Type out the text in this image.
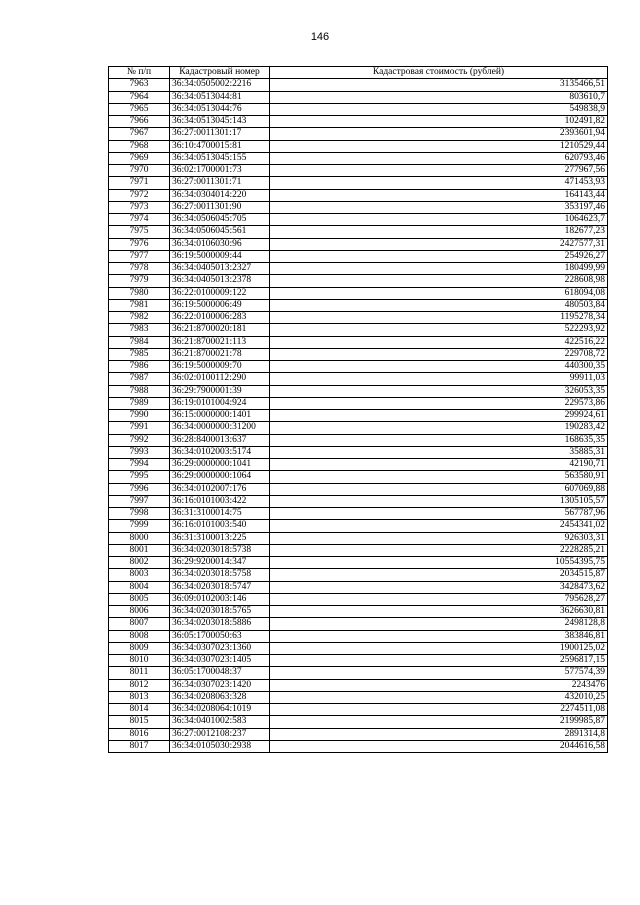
146
№ п/п	Кадастровый номер	Кадастровая стоимость (рублей)
7963	36:34:0505002:2216	3135466,51
7964	36:34:0513044:81	803610,7
7965	36:34:0513044:76	549838,9
7966	36:34:0513045:143	102491,82
7967	36:27:0011301:17	2393601,94
7968	36:10:4700015:81	1210529,44
7969	36:34:0513045:155	620793,46
7970	36:02:1700001:73	277967,56
7971	36:27:0011301:71	471453,93
7972	36:34:0304014:220	164143,44
7973	36:27:0011301:90	353197,46
7974	36:34:0506045:705	1064623,7
7975	36:34:0506045:561	182677,23
7976	36:34:0106030:96	2427577,31
7977	36:19:5000009:44	254926,27
7978	36:34:0405013:2327	180499,99
7979	36:34:0405013:2378	228608,98
7980	36:22:0100009:122	618094,08
7981	36:19:5000006:49	480503,84
7982	36:22:0100006:283	1195278,34
7983	36:21:8700020:181	522293,92
7984	36:21:8700021:113	422516,22
7985	36:21:8700021:78	229708,72
7986	36:19:5000009:70	440300,35
7987	36:02:0100112:290	99911,03
7988	36:29:7900001:39	326053,35
7989	36:19:0101004:924	229573,86
7990	36:15:0000000:1401	299924,61
7991	36:34:0000000:31200	190283,42
7992	36:28:8400013:637	168635,35
7993	36:34:0102003:5174	35885,31
7994	36:29:0000000:1041	42190,71
7995	36:29:0000000:1064	563580,91
7996	36:34:0102007:176	607069,88
7997	36:16:0101003:422	1305105,57
7998	36:31:3100014:75	567787,96
7999	36:16:0101003:540	2454341,02
8000	36:31:3100013:225	926303,31
8001	36:34:0203018:5738	2228285,21
8002	36:29:9200014:347	10554395,75
8003	36:34:0203018:5758	2034515,87
8004	36:34:0203018:5747	3428473,62
8005	36:09:0102003:146	795628,27
8006	36:34:0203018:5765	3626630,81
8007	36:34:0203018:5886	2498128,8
8008	36:05:1700050:63	383846,81
8009	36:34:0307023:1360	1900125,02
8010	36:34:0307023:1405	2596817,15
8011	36:05:1700048:37	577574,39
8012	36:34:0307023:1420	2243476
8013	36:34:0208063:328	432010,25
8014	36:34:0208064:1019	2274511,08
8015	36:34:0401002:583	2199985,87
8016	36:27:0012108:237	2891314,8
8017	36:34:0105030:2938	2044616,58
